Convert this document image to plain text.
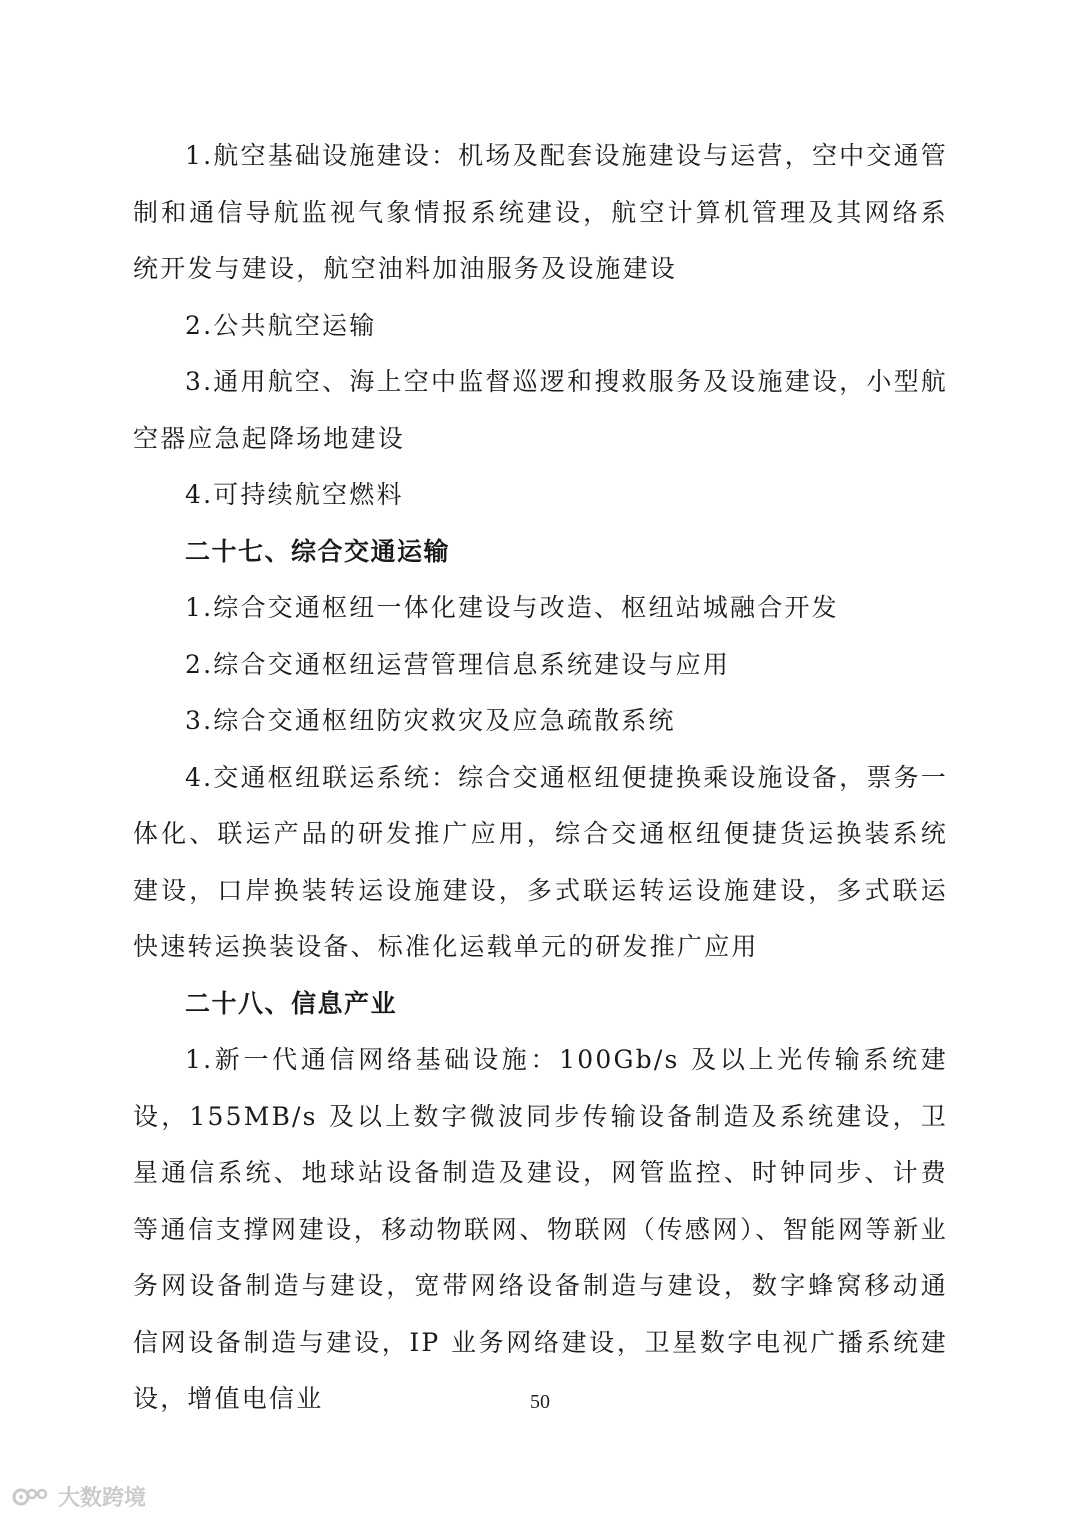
1.航空基础设施建设：机场及配套设施建设与运营，空中交通管制和通信导航监视气象情报系统建设，航空计算机管理及其网络系统开发与建设，航空油料加油服务及设施建设

2.公共航空运输

3.通用航空、海上空中监督巡逻和搜救服务及设施建设，小型航空器应急起降场地建设

4.可持续航空燃料

二十七、综合交通运输

1.综合交通枢纽一体化建设与改造、枢纽站城融合开发

2.综合交通枢纽运营管理信息系统建设与应用

3.综合交通枢纽防灾救灾及应急疏散系统

4.交通枢纽联运系统：综合交通枢纽便捷换乘设施设备，票务一体化、联运产品的研发推广应用，综合交通枢纽便捷货运换装系统建设，口岸换装转运设施建设，多式联运转运设施建设，多式联运快速转运换装设备、标准化运载单元的研发推广应用

二十八、信息产业

1.新一代通信网络基础设施：100Gb/s 及以上光传输系统建设，155MB/s 及以上数字微波同步传输设备制造及系统建设，卫星通信系统、地球站设备制造及建设，网管监控、时钟同步、计费等通信支撑网建设，移动物联网、物联网（传感网）、智能网等新业务网设备制造与建设，宽带网络设备制造与建设，数字蜂窝移动通信网设备制造与建设，IP 业务网络建设，卫星数字电视广播系统建设，增值电信业	50
大数跨境
